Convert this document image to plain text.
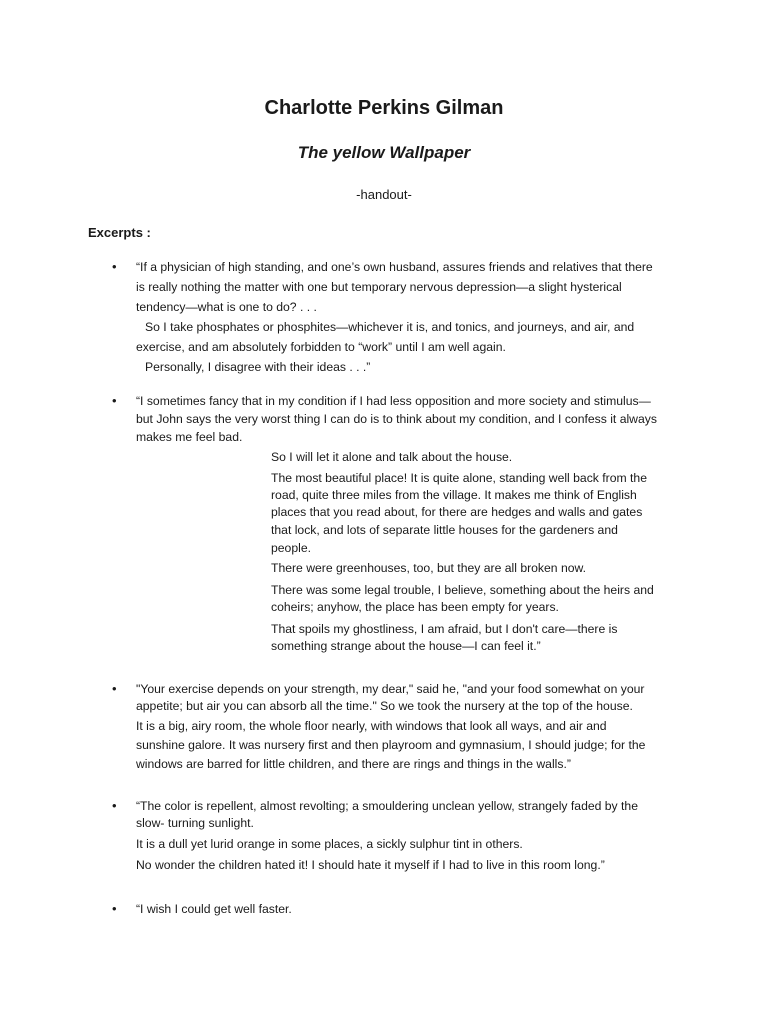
Charlotte Perkins Gilman
The yellow Wallpaper
-handout-
Excerpts :
•
“If a physician of high standing, and one’s own husband, assures friends and relatives that there
is really nothing the matter with one but temporary nervous depression—a slight hysterical
tendency—what is one to do? . . .
So I take phosphates or phosphites—whichever it is, and tonics, and journeys, and air, and
exercise, and am absolutely forbidden to “work” until I am well again.
Personally, I disagree with their ideas . . .”
•
“I sometimes fancy that in my condition if I had less opposition and more society and stimulus—
but John says the very worst thing I can do is to think about my condition, and I confess it always
makes me feel bad.
So I will let it alone and talk about the house.
The most beautiful place! It is quite alone, standing well back from the
road, quite three miles from the village. It makes me think of English
places that you read about, for there are hedges and walls and gates
that lock, and lots of separate little houses for the gardeners and
people.
There were greenhouses, too, but they are all broken now.
There was some legal trouble, I believe, something about the heirs and
coheirs; anyhow, the place has been empty for years.
That spoils my ghostliness, I am afraid, but I don't care—there is
something strange about the house—I can feel it.”
•
"Your exercise depends on your strength, my dear," said he, "and your food somewhat on your
appetite; but air you can absorb all the time." So we took the nursery at the top of the house.
It is a big, airy room, the whole floor nearly, with windows that look all ways, and air and
sunshine galore. It was nursery first and then playroom and gymnasium, I should judge; for the
windows are barred for little children, and there are rings and things in the walls.”
•
“The color is repellent, almost revolting; a smouldering unclean yellow, strangely faded by the
slow- turning sunlight.
It is a dull yet lurid orange in some places, a sickly sulphur tint in others.
No wonder the children hated it! I should hate it myself if I had to live in this room long.”
•
“I wish I could get well faster.
